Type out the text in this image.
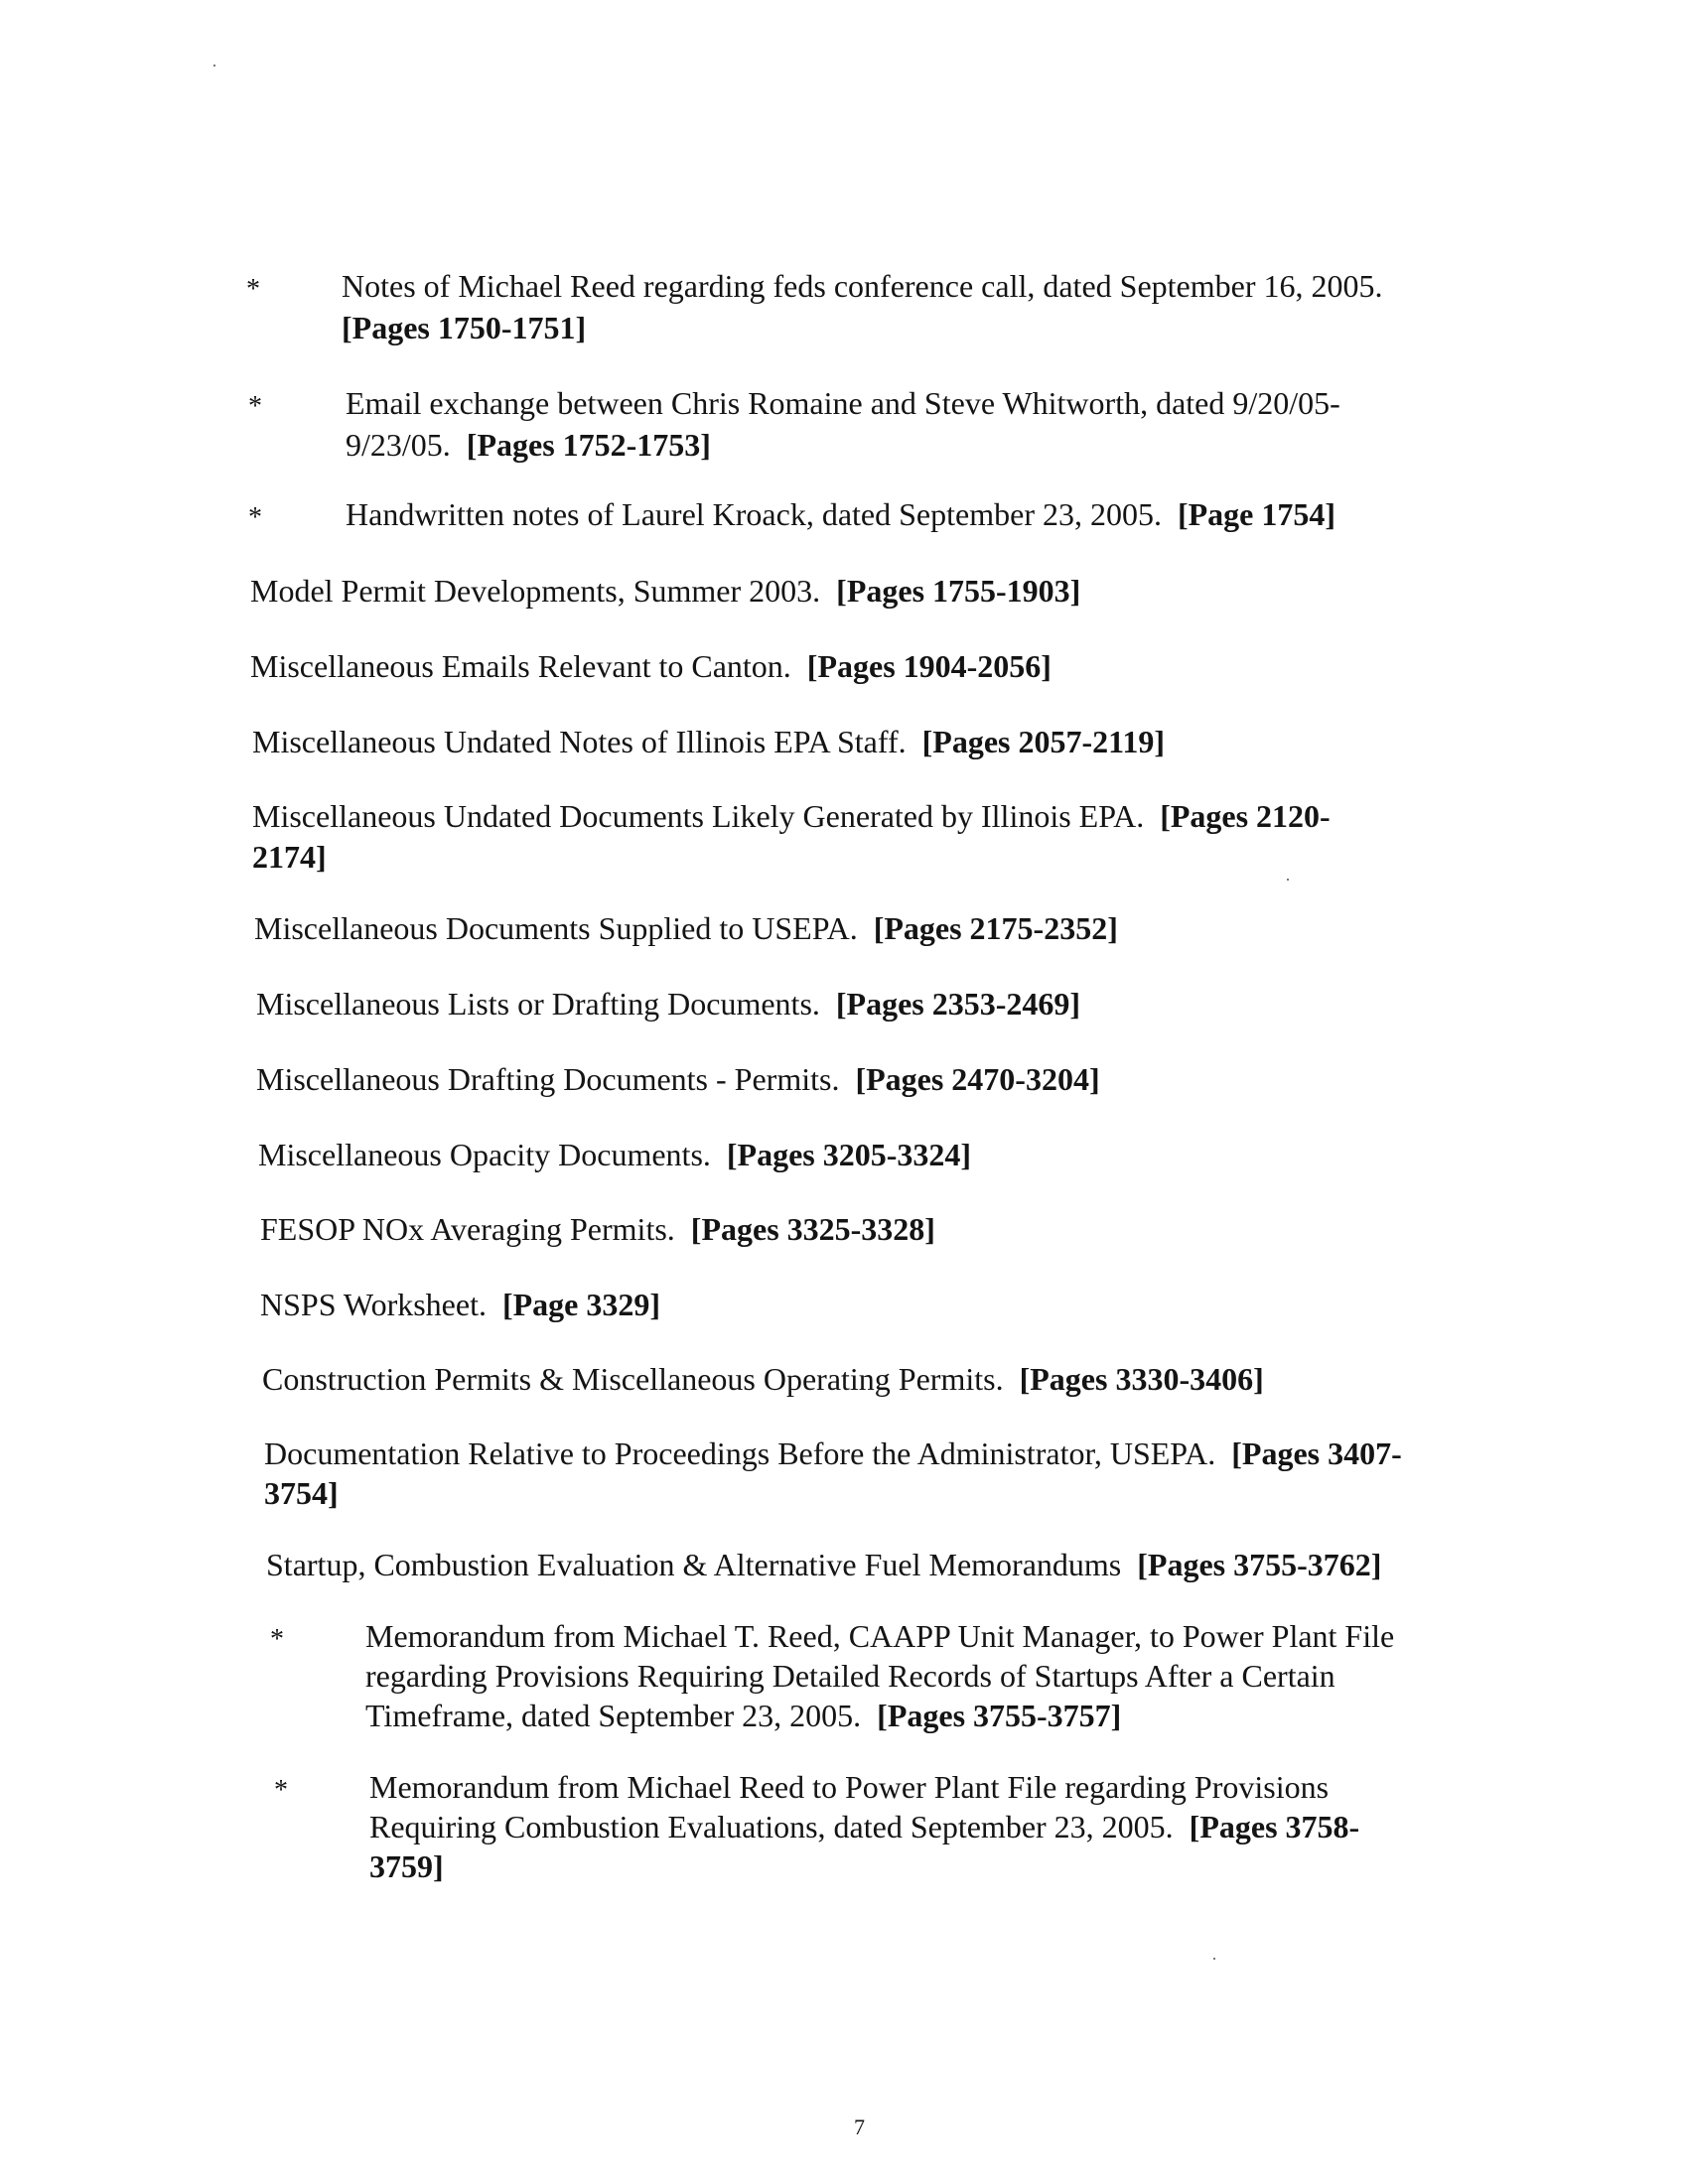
*	Notes of Michael Reed regarding feds conference call, dated September 16, 2005.
[Pages 1750-1751]
*	Email exchange between Chris Romaine and Steve Whitworth, dated 9/20/05-
9/23/05. [Pages 1752-1753]
*	Handwritten notes of Laurel Kroack, dated September 23, 2005. [Page 1754]
Model Permit Developments, Summer 2003. [Pages 1755-1903]
Miscellaneous Emails Relevant to Canton. [Pages 1904-2056]
Miscellaneous Undated Notes of Illinois EPA Staff. [Pages 2057-2119]
Miscellaneous Undated Documents Likely Generated by Illinois EPA. [Pages 2120-
2174]
Miscellaneous Documents Supplied to USEPA. [Pages 2175-2352]
Miscellaneous Lists or Drafting Documents. [Pages 2353-2469]
Miscellaneous Drafting Documents - Permits. [Pages 2470-3204]
Miscellaneous Opacity Documents. [Pages 3205-3324]
FESOP NOx Averaging Permits. [Pages 3325-3328]
NSPS Worksheet. [Page 3329]
Construction Permits & Miscellaneous Operating Permits. [Pages 3330-3406]
Documentation Relative to Proceedings Before the Administrator, USEPA. [Pages 3407-
3754]
Startup, Combustion Evaluation & Alternative Fuel Memorandums [Pages 3755-3762]
*	Memorandum from Michael T. Reed, CAAPP Unit Manager, to Power Plant File
regarding Provisions Requiring Detailed Records of Startups After a Certain
Timeframe, dated September 23, 2005. [Pages 3755-3757]
*	Memorandum from Michael Reed to Power Plant File regarding Provisions
Requiring Combustion Evaluations, dated September 23, 2005. [Pages 3758-
3759]
7
